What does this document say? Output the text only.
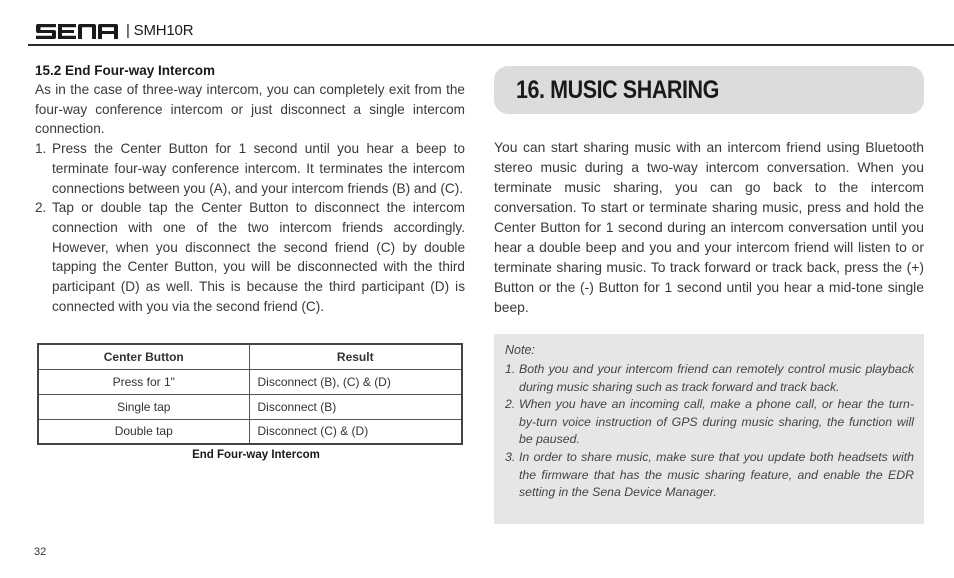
| SMH10R
15.2 End Four-way Intercom

As in the case of three-way intercom, you can completely exit from the four-way conference intercom or just disconnect a single intercom connection.

1. Press the Center Button for 1 second until you hear a beep to terminate four-way conference intercom. It terminates the intercom connections between you (A), and your intercom friends (B) and (C).
2. Tap or double tap the Center Button to disconnect the intercom connection with one of the two intercom friends accordingly. However, when you disconnect the second friend (C) by double tapping the Center Button, you will be disconnected with the third participant (D) as well. This is because the third participant (D) is connected with you via the second friend (C).
Center Button	Result
Press for 1"	Disconnect (B), (C) & (D)
Single tap	Disconnect (B)
Double tap	Disconnect (C) & (D)
End Four-way Intercom
16. MUSIC SHARING

You can start sharing music with an intercom friend using Bluetooth stereo music during a two-way intercom conversation. When you terminate music sharing, you can go back to the intercom conversation. To start or terminate sharing music, press and hold the Center Button for 1 second during an intercom conversation until you hear a double beep and you and your intercom friend will listen to or terminate sharing music. To track forward or track back, press the (+) Button or the (-) Button for 1 second until you hear a mid-tone single beep.

Note:
1. Both you and your intercom friend can remotely control music playback during music sharing such as track forward and track back.
2. When you have an incoming call, make a phone call, or hear the turn-by-turn voice instruction of GPS during music sharing, the function will be paused.
3. In order to share music, make sure that you update both headsets with the firmware that has the music sharing feature, and enable the EDR setting in the Sena Device Manager.
32
